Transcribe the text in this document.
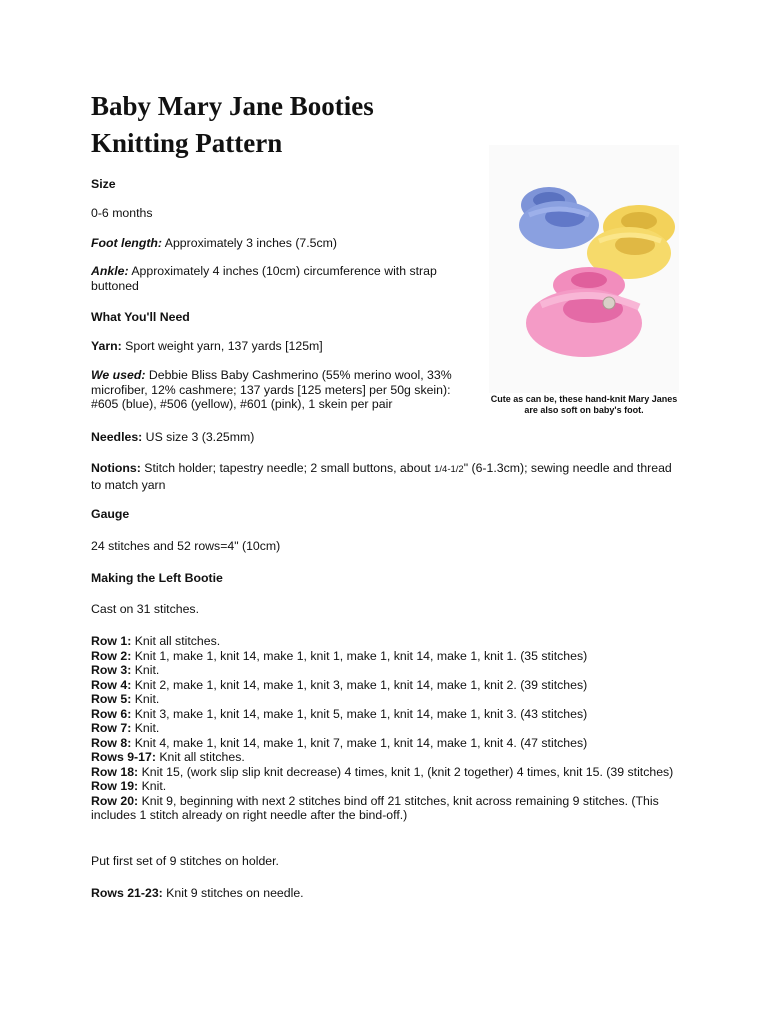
Baby Mary Jane Booties
Knitting Pattern

Size

0-6 months

Foot length: Approximately 3 inches (7.5cm)

Ankle: Approximately 4 inches (10cm) circumference with strap buttoned

What You'll Need

Yarn: Sport weight yarn, 137 yards [125m]

We used: Debbie Bliss Baby Cashmerino (55% merino wool, 33% microfiber, 12% cashmere; 137 yards [125 meters] per 50g skein): #605 (blue), #506 (yellow), #601 (pink), 1 skein per pair	Cute as can be, these hand-knit Mary Janes are also soft on baby's foot.

Needles: US size 3 (3.25mm)

Notions: Stitch holder; tapestry needle; 2 small buttons, about 1/4-1/2" (6-1.3cm); sewing needle and thread to match yarn

Gauge

24 stitches and 52 rows=4" (10cm)

Making the Left Bootie

Cast on 31 stitches.

Row 1: Knit all stitches.
Row 2: Knit 1, make 1, knit 14, make 1, knit 1, make 1, knit 14, make 1, knit 1. (35 stitches)
Row 3: Knit.
Row 4: Knit 2, make 1, knit 14, make 1, knit 3, make 1, knit 14, make 1, knit 2. (39 stitches)
Row 5: Knit.
Row 6: Knit 3, make 1, knit 14, make 1, knit 5, make 1, knit 14, make 1, knit 3. (43 stitches)
Row 7: Knit.
Row 8: Knit 4, make 1, knit 14, make 1, knit 7, make 1, knit 14, make 1, knit 4. (47 stitches)
Rows 9-17: Knit all stitches.
Row 18: Knit 15, (work slip slip knit decrease) 4 times, knit 1, (knit 2 together) 4 times, knit 15. (39 stitches)
Row 19: Knit.
Row 20: Knit 9, beginning with next 2 stitches bind off 21 stitches, knit across remaining 9 stitches. (This includes 1 stitch already on right needle after the bind-off.)

Put first set of 9 stitches on holder.

Rows 21-23: Knit 9 stitches on needle.
